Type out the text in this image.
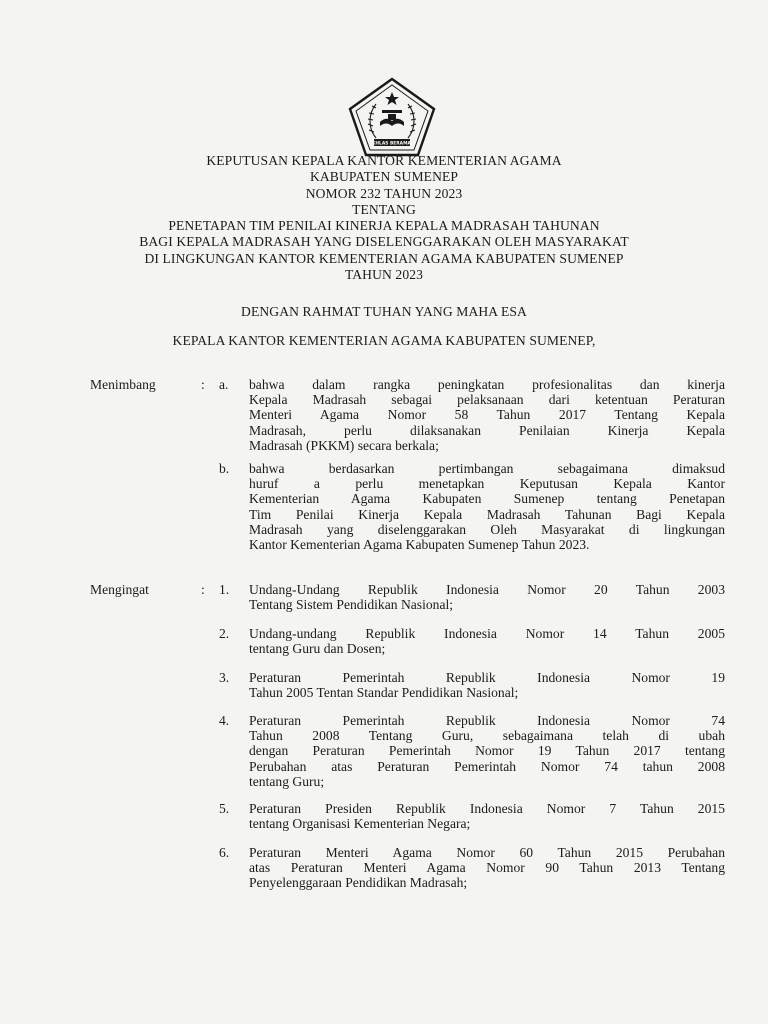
IKHLAS BERAMAL
KEPUTUSAN KEPALA KANTOR KEMENTERIAN AGAMA
KABUPATEN SUMENEP
NOMOR 232 TAHUN 2023
TENTANG
PENETAPAN TIM PENILAI KINERJA KEPALA MADRASAH TAHUNAN
BAGI KEPALA MADRASAH YANG DISELENGGARAKAN OLEH MASYARAKAT
DI LINGKUNGAN KANTOR KEMENTERIAN AGAMA KABUPATEN SUMENEP
TAHUN 2023
DENGAN RAHMAT TUHAN YANG MAHA ESA
KEPALA KANTOR KEMENTERIAN AGAMA KABUPATEN SUMENEP,
Menimbang	: a.	bahwa dalam rangka peningkatan profesionalitas dan kinerja
Kepala Madrasah sebagai pelaksanaan dari ketentuan Peraturan
Menteri Agama Nomor 58 Tahun 2017 Tentang Kepala
Madrasah, perlu dilaksanakan Penilaian Kinerja Kepala
Madrasah (PKKM) secara berkala;
b.	bahwa berdasarkan pertimbangan sebagaimana dimaksud
huruf a perlu menetapkan Keputusan Kepala Kantor
Kementerian Agama Kabupaten Sumenep tentang Penetapan
Tim Penilai Kinerja Kepala Madrasah Tahunan Bagi Kepala
Madrasah yang diselenggarakan Oleh Masyarakat di lingkungan
Kantor Kementerian Agama Kabupaten Sumenep Tahun 2023.
Mengingat	: 1.	Undang-Undang Republik Indonesia Nomor 20 Tahun 2003
Tentang Sistem Pendidikan Nasional;
2.	Undang-undang Republik Indonesia Nomor 14 Tahun 2005
tentang Guru dan Dosen;
3.	Peraturan Pemerintah Republik Indonesia Nomor 19
Tahun 2005 Tentan Standar Pendidikan Nasional;
4.	Peraturan Pemerintah Republik Indonesia Nomor 74
Tahun 2008 Tentang Guru, sebagaimana telah di ubah
dengan Peraturan Pemerintah Nomor 19 Tahun 2017 tentang
Perubahan atas Peraturan Pemerintah Nomor 74 tahun 2008
tentang Guru;
5.	Peraturan Presiden Republik Indonesia Nomor 7 Tahun 2015
tentang Organisasi Kementerian Negara;
6.	Peraturan Menteri Agama Nomor 60 Tahun 2015 Perubahan
atas Peraturan Menteri Agama Nomor 90 Tahun 2013 Tentang
Penyelenggaraan Pendidikan Madrasah;
